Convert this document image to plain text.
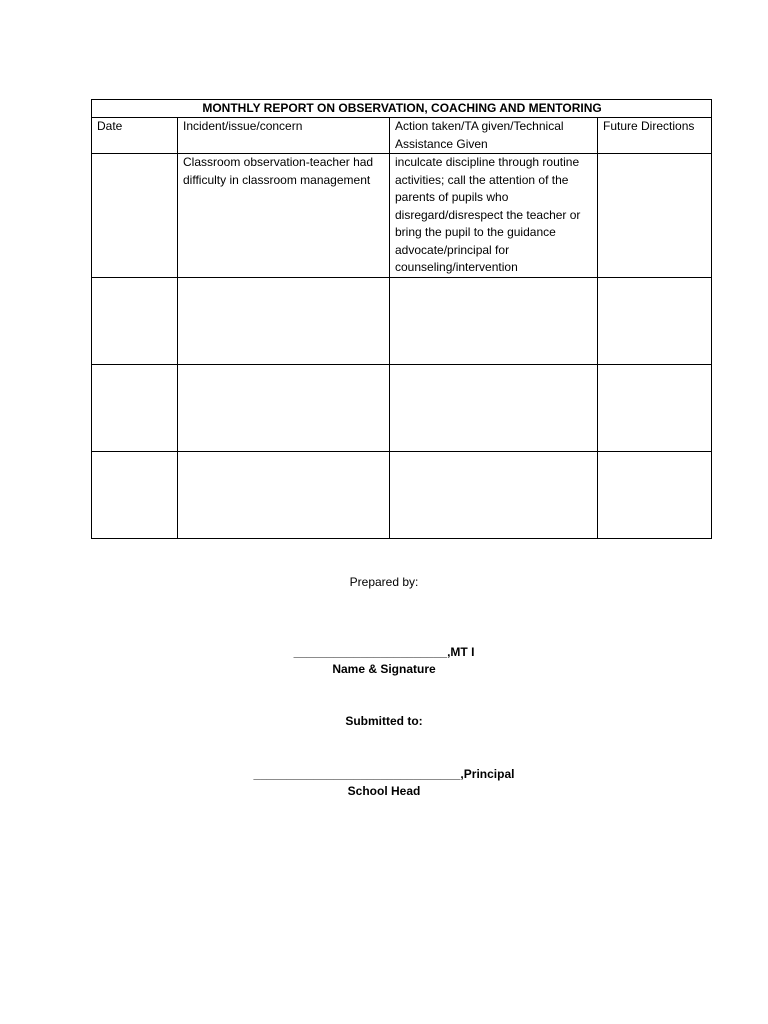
MONTHLY REPORT ON OBSERVATION, COACHING AND MENTORING			
Date	Incident/issue/concern	Action taken/TA given/Technical Assistance Given	Future Directions
	Classroom observation-teacher had difficulty in classroom management	inculcate discipline through routine activities; call the attention of the parents of pupils who disregard/disrespect the teacher or bring the pupil to the guidance advocate/principal for counseling/intervention	

Prepared by:
_______________________,MT I
Name & Signature
Submitted to:
_______________________________,Principal
School Head
